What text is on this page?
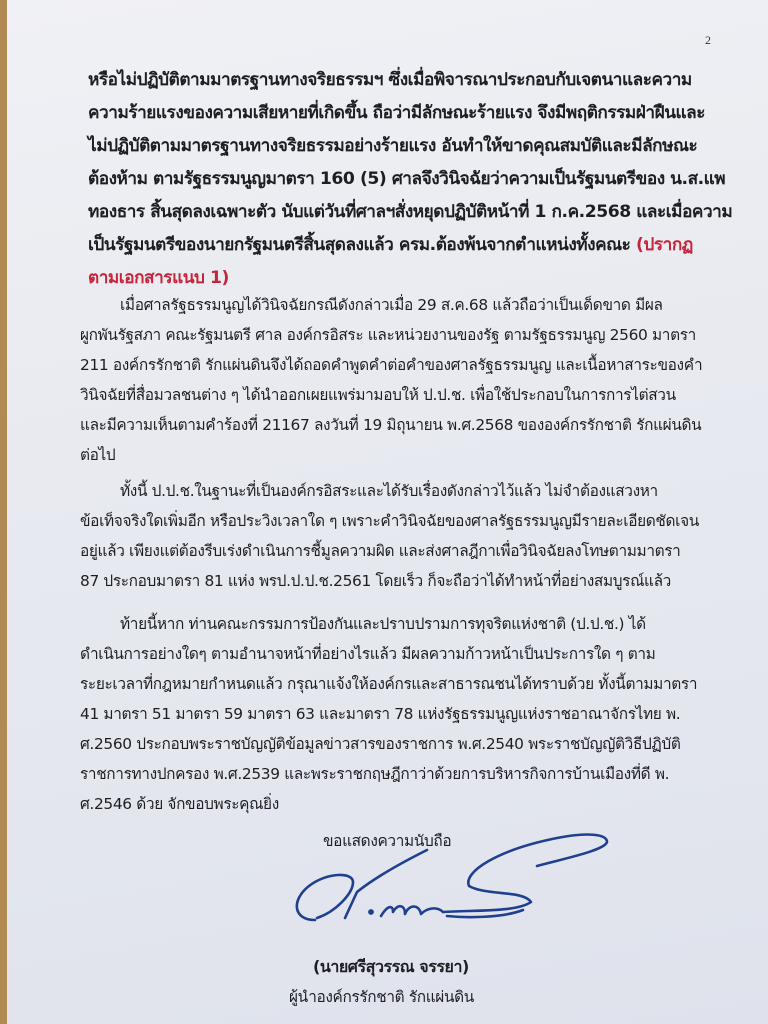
2
หรือไม่ปฏิบัติตามมาตรฐานทางจริยธรรมฯ ซึ่งเมื่อพิจารณาประกอบกับเจตนาและความ
ความร้ายแรงของความเสียหายที่เกิดขึ้น ถือว่ามีลักษณะร้ายแรง จึงมีพฤติกรรมฝ่าฝืนและ
ไม่ปฏิบัติตามมาตรฐานทางจริยธรรมอย่างร้ายแรง อันทำให้ขาดคุณสมบัติและมีลักษณะ
ต้องห้าม ตามรัฐธรรมนูญมาตรา 160 (5) ศาลจึงวินิจฉัยว่าความเป็นรัฐมนตรีของ น.ส.แพ
ทองธาร สิ้นสุดลงเฉพาะตัว นับแต่วันที่ศาลฯสั่งหยุดปฏิบัติหน้าที่ 1 ก.ค.2568 และเมื่อความ
เป็นรัฐมนตรีของนายกรัฐมนตรีสิ้นสุดลงแล้ว ครม.ต้องพ้นจากตำแหน่งทั้งคณะ (ปรากฏ
ตามเอกสารแนบ 1)
เมื่อศาลรัฐธรรมนูญได้วินิจฉัยกรณีดังกล่าวเมื่อ 29 ส.ค.68 แล้วถือว่าเป็นเด็ดขาด มีผล
ผูกพันรัฐสภา คณะรัฐมนตรี ศาล องค์กรอิสระ และหน่วยงานของรัฐ ตามรัฐธรรมนูญ 2560 มาตรา
211 องค์กรรักชาติ รักแผ่นดินจึงได้ถอดคำพูดคำต่อคำของศาลรัฐธรรมนูญ และเนื้อหาสาระของคำ
วินิจฉัยที่สื่อมวลชนต่าง ๆ ได้นำออกเผยแพร่มามอบให้ ป.ป.ช. เพื่อใช้ประกอบในการการไต่สวน
และมีความเห็นตามคำร้องที่ 21167 ลงวันที่ 19 มิถุนายน พ.ศ.2568 ขององค์กรรักชาติ รักแผ่นดิน
ต่อไป
ทั้งนี้ ป.ป.ช.ในฐานะที่เป็นองค์กรอิสระและได้รับเรื่องดังกล่าวไว้แล้ว ไม่จำต้องแสวงหา
ข้อเท็จจริงใดเพิ่มอีก หรือประวิงเวลาใด ๆ เพราะคำวินิจฉัยของศาลรัฐธรรมนูญมีรายละเอียดชัดเจน
อยู่แล้ว เพียงแต่ต้องรีบเร่งดำเนินการชี้มูลความผิด และส่งศาลฎีกาเพื่อวินิจฉัยลงโทษตามมาตรา
87 ประกอบมาตรา 81 แห่ง พรป.ป.ป.ช.2561 โดยเร็ว ก็จะถือว่าได้ทำหน้าที่อย่างสมบูรณ์แล้ว
ท้ายนี้หาก ท่านคณะกรรมการป้องกันและปราบปรามการทุจริตแห่งชาติ (ป.ป.ช.) ได้
ดำเนินการอย่างใดๆ ตามอำนาจหน้าที่อย่างไรแล้ว มีผลความก้าวหน้าเป็นประการใด ๆ ตาม
ระยะเวลาที่กฎหมายกำหนดแล้ว กรุณาแจ้งให้องค์กรและสาธารณชนได้ทราบด้วย ทั้งนี้ตามมาตรา
41 มาตรา 51 มาตรา 59 มาตรา 63 และมาตรา 78 แห่งรัฐธรรมนูญแห่งราชอาณาจักรไทย พ.
ศ.2560 ประกอบพระราชบัญญัติข้อมูลข่าวสารของราชการ พ.ศ.2540 พระราชบัญญัติวิธีปฏิบัติ
ราชการทางปกครอง พ.ศ.2539 และพระราชกฤษฎีกาว่าด้วยการบริหารกิจการบ้านเมืองที่ดี พ.
ศ.2546 ด้วย จักขอบพระคุณยิ่ง
ขอแสดงความนับถือ
(นายศรีสุวรรณ จรรยา)
ผู้นำองค์กรรักชาติ รักแผ่นดิน
